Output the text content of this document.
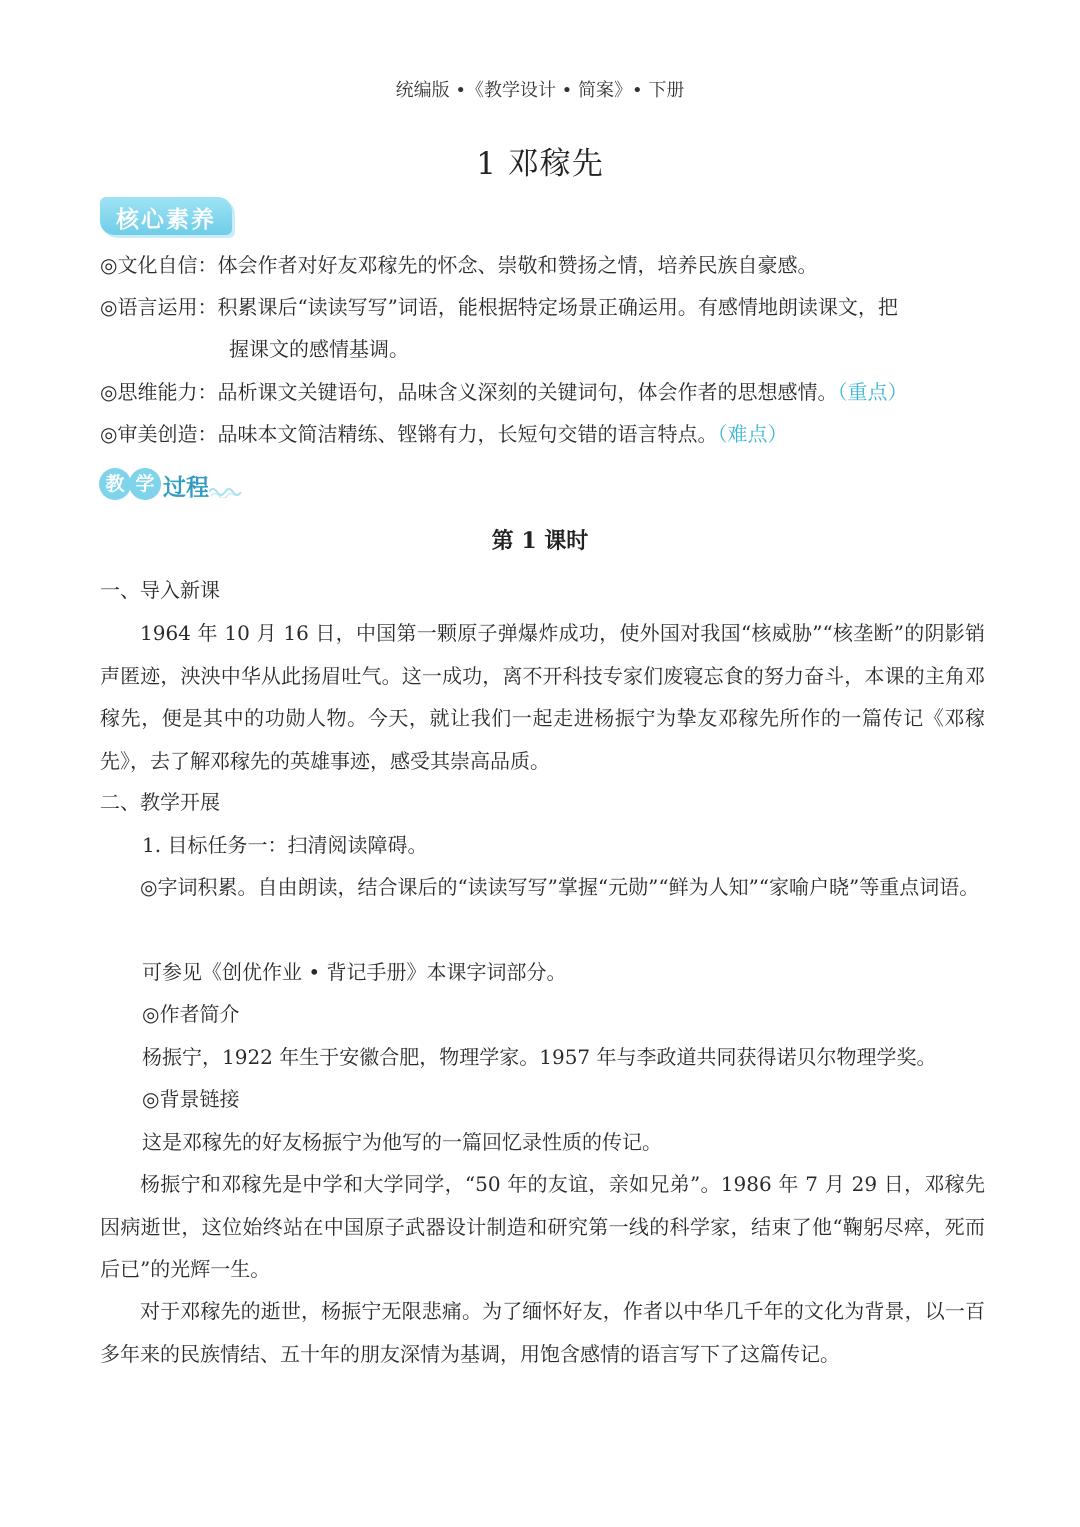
统编版 •《教学设计 • 简案》• 下册
1 邓稼先
核心素养
◎文化自信：体会作者对好友邓稼先的怀念、崇敬和赞扬之情，培养民族自豪感。
◎语言运用：积累课后“读读写写”词语，能根据特定场景正确运用。有感情地朗读课文，把
握课文的感情基调。
◎思维能力：品析课文关键语句，品味含义深刻的关键词句，体会作者的思想感情。（重点）
◎审美创造：品味本文简洁精练、铿锵有力，长短句交错的语言特点。（难点）
教 学 过程
第 1 课时
一、导入新课
1964 年 10 月 16 日，中国第一颗原子弹爆炸成功，使外国对我国“核威胁”“核垄断”的阴影销声匿迹，泱泱中华从此扬眉吐气。这一成功，离不开科技专家们废寝忘食的努力奋斗，本课的主角邓稼先，便是其中的功勋人物。今天，就让我们一起走进杨振宁为挚友邓稼先所作的一篇传记《邓稼先》，去了解邓稼先的英雄事迹，感受其崇高品质。
二、教学开展
1. 目标任务一：扫清阅读障碍。
◎字词积累。自由朗读，结合课后的“读读写写”掌握“元勋”“鲜为人知”“家喻户晓”等重点词语。
可参见《创优作业 • 背记手册》本课字词部分。
◎作者简介
杨振宁，1922 年生于安徽合肥，物理学家。1957 年与李政道共同获得诺贝尔物理学奖。
◎背景链接
这是邓稼先的好友杨振宁为他写的一篇回忆录性质的传记。
杨振宁和邓稼先是中学和大学同学，“50 年的友谊，亲如兄弟”。1986 年 7 月 29 日，邓稼先因病逝世，这位始终站在中国原子武器设计制造和研究第一线的科学家，结束了他“鞠躬尽瘁，死而后已”的光辉一生。
对于邓稼先的逝世，杨振宁无限悲痛。为了缅怀好友，作者以中华几千年的文化为背景，以一百多年来的民族情结、五十年的朋友深情为基调，用饱含感情的语言写下了这篇传记。
